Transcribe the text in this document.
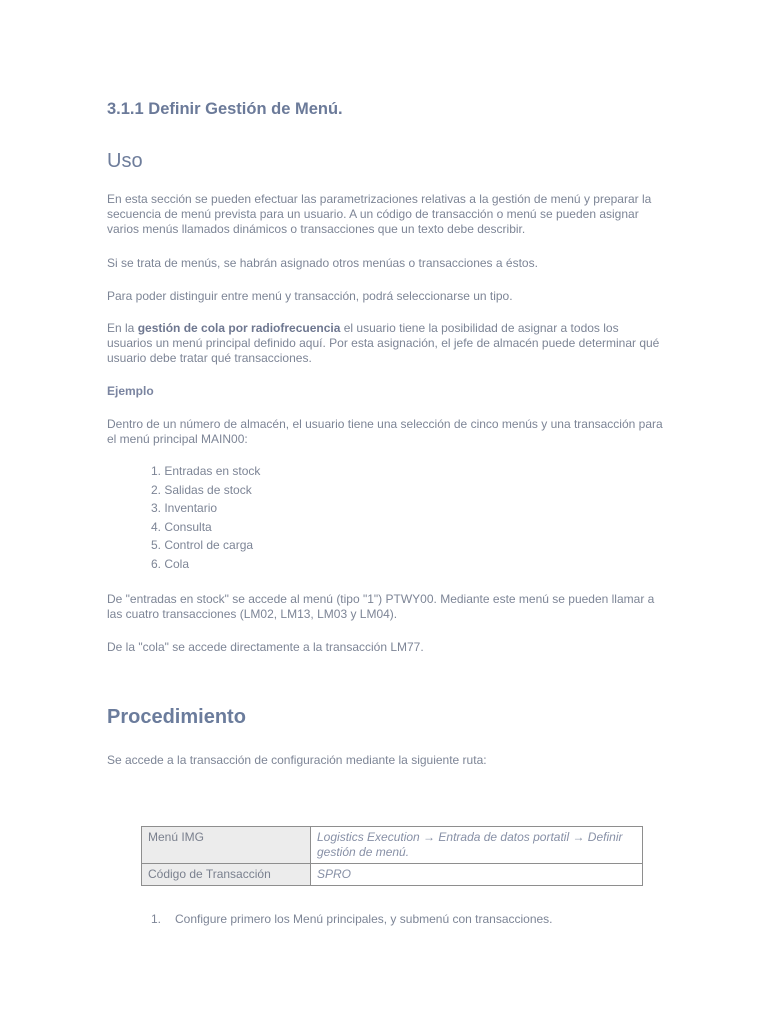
3.1.1 Definir Gestión de Menú.
Uso

En esta sección se pueden efectuar las parametrizaciones relativas a la gestión de menú y preparar la secuencia de menú prevista para un usuario. A un código de transacción o menú se pueden asignar varios menús llamados dinámicos o transacciones que un texto debe describir.

Si se trata de menús, se habrán asignado otros menúas o transacciones a éstos.

Para poder distinguir entre menú y transacción, podrá seleccionarse un tipo.

En la gestión de cola por radiofrecuencia el usuario tiene la posibilidad de asignar a todos los usuarios un menú principal definido aquí. Por esta asignación, el jefe de almacén puede determinar qué usuario debe tratar qué transacciones.

Ejemplo

Dentro de un número de almacén, el usuario tiene una selección de cinco menús y una transacción para el menú principal MAIN00:

1. Entradas en stock
2. Salidas de stock
3. Inventario
4. Consulta
5. Control de carga
6. Cola

De "entradas en stock" se accede al menú (tipo "1") PTWY00. Mediante este menú se pueden llamar a las cuatro transacciones (LM02, LM13, LM03 y LM04).

De la "cola" se accede directamente a la transacción LM77.

Procedimiento

Se accede a la transacción de configuración mediante la siguiente ruta:

Menú IMG	Logistics Execution → Entrada de datos portatil → Definir gestión de menú.
Código de Transacción	SPRO
1. Configure primero los Menú principales, y submenú con transacciones.
